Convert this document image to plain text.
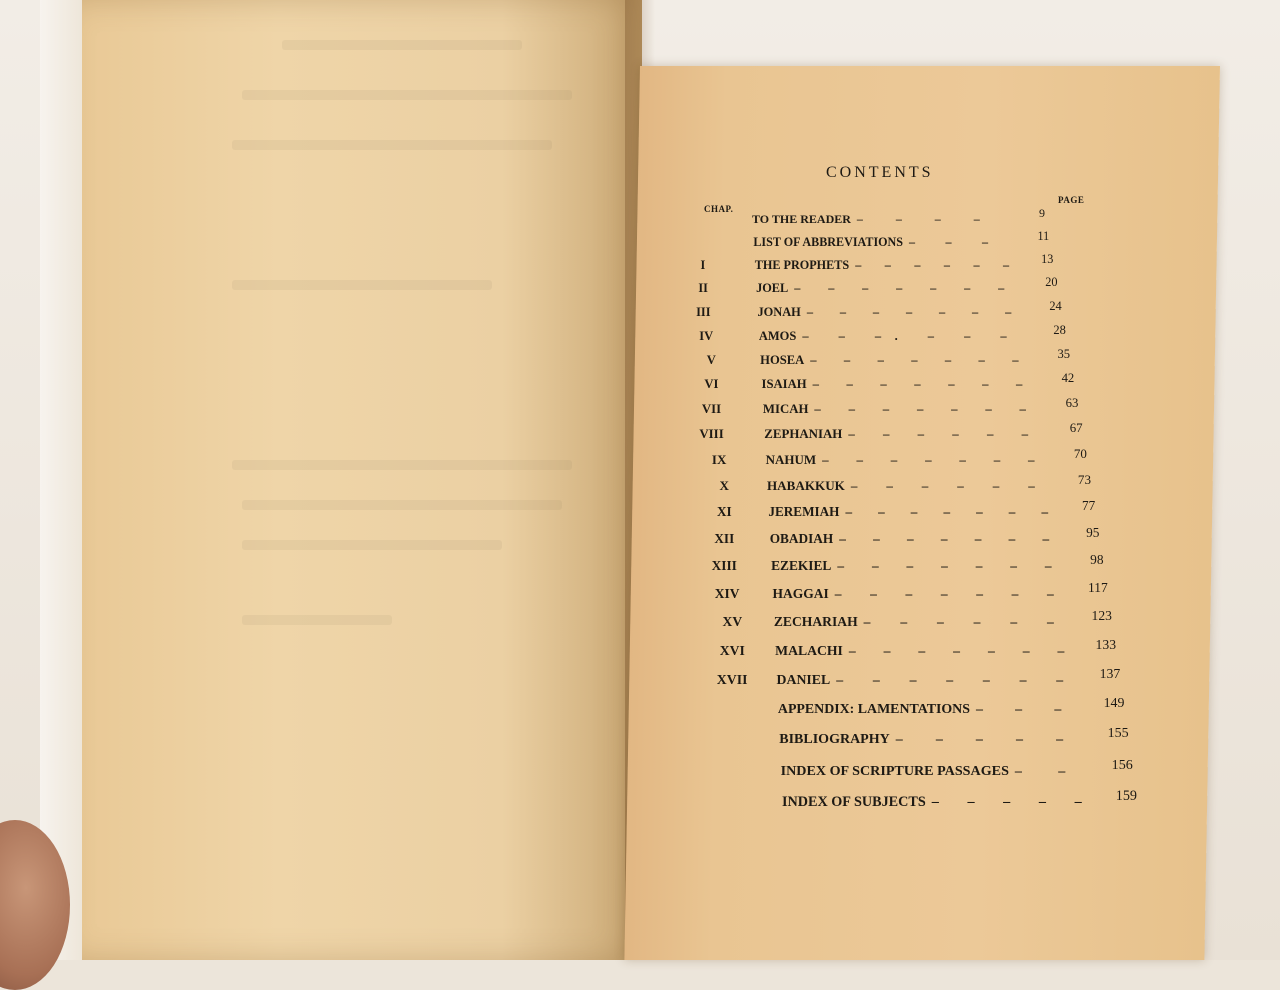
CONTENTS
CHAP.
PAGE
TO THE READER – – – –	9
LIST OF ABBREVIATIONS – – –	11
I	THE PROPHETS – – – – – –	13
II	JOEL – – – – – – –	20
III	JONAH – – – – – – –	24
IV	AMOS – – –. – – –	28
V	HOSEA – – – – – – –	35
VI	ISAIAH – – – – – – –	42
VII	MICAH – – – – – – –	63
VIII	ZEPHANIAH – – – – – –	67
IX	NAHUM – – – – – – –	70
X	HABAKKUK – – – – – –	73
XI	JEREMIAH – – – – – – –	77
XII	OBADIAH – – – – – – –	95
XIII	EZEKIEL – – – – – – –	98
XIV HAGGAI – – – – – – –	117
XV ZECHARIAH – – – – – –	123
XVI MALACHI – – – – – – –	133
XVII DANIEL – – – – – – –	137
APPENDIX: LAMENTATIONS – – –	149
BIBLIOGRAPHY – – – – –	155
INDEX OF SCRIPTURE PASSAGES – –	156
INDEX OF SUBJECTS – – – – –	159
